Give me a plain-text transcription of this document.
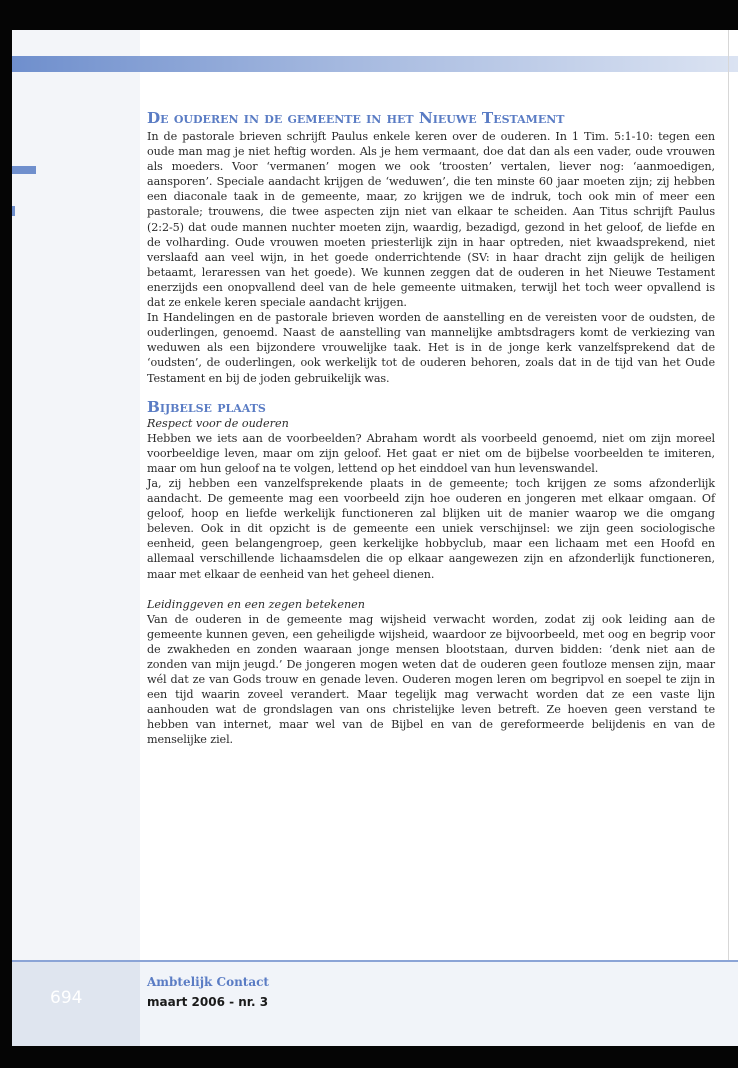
De ouderen in de gemeente in het Nieuwe Testament

In de pastorale brieven schrijft Paulus enkele keren over de ouderen. In 1 Tim. 5:1-10: tegen een oude man mag je niet heftig worden. Als je hem vermaant, doe dat dan als een vader, oude vrouwen als moeders. Voor ‘vermanen’ mogen we ook ‘troosten’ vertalen, liever nog: ‘aanmoedigen, aansporen’. Speciale aandacht krijgen de ‘weduwen’, die ten minste 60 jaar moeten zijn; zij hebben een diaconale taak in de gemeente, maar, zo krijgen we de indruk, toch ook min of meer een pastorale; trouwens, die twee aspecten zijn niet van elkaar te scheiden. Aan Titus schrijft Paulus (2:2-5) dat oude mannen nuchter moeten zijn, waardig, bezadigd, gezond in het geloof, de liefde en de volharding. Oude vrouwen moeten priesterlijk zijn in haar optreden, niet kwaadsprekend, niet verslaafd aan veel wijn, in het goede onderrichtende (SV: in haar dracht zijn gelijk de heiligen betaamt, leraressen van het goede). We kunnen zeggen dat de ouderen in het Nieuwe Testament enerzijds een onopvallend deel van de hele gemeente uitmaken, terwijl het toch weer opvallend is dat ze enkele keren speciale aandacht krijgen.

In Handelingen en de pastorale brieven worden de aanstelling en de vereisten voor de oudsten, de ouderlingen, genoemd. Naast de aanstelling van mannelijke ambtsdragers komt de verkiezing van weduwen als een bijzondere vrouwelijke taak. Het is in de jonge kerk vanzelfsprekend dat de ‘oudsten’, de ouderlingen, ook werkelijk tot de ouderen behoren, zoals dat in de tijd van het Oude Testament en bij de joden gebruikelijk was.

Bijbelse plaats
Respect voor de ouderen

Hebben we iets aan de voorbeelden? Abraham wordt als voorbeeld genoemd, niet om zijn moreel voorbeeldige leven, maar om zijn geloof. Het gaat er niet om de bijbelse voorbeelden te imiteren, maar om hun geloof na te volgen, lettend op het einddoel van hun levenswandel.

Ja, zij hebben een vanzelfsprekende plaats in de gemeente; toch krijgen ze soms afzonderlijk aandacht. De gemeente mag een voorbeeld zijn hoe ouderen en jongeren met elkaar omgaan. Of geloof, hoop en liefde werkelijk functioneren zal blijken uit de manier waarop we die omgang beleven. Ook in dit opzicht is de gemeente een uniek verschijnsel: we zijn geen sociologische eenheid, geen belangengroep, geen kerkelijke hobbyclub, maar een lichaam met een Hoofd en allemaal verschillende lichaamsdelen die op elkaar aangewezen zijn en afzonderlijk functioneren, maar met elkaar de eenheid van het geheel dienen.

Leidinggeven en een zegen betekenen

Van de ouderen in de gemeente mag wijsheid verwacht worden, zodat zij ook leiding aan de gemeente kunnen geven, een geheiligde wijsheid, waardoor ze bijvoorbeeld, met oog en begrip voor de zwakheden en zonden waaraan jonge mensen blootstaan, durven bidden: ‘denk niet aan de zonden van mijn jeugd.’ De jongeren mogen weten dat de ouderen geen foutloze mensen zijn, maar wél dat ze van Gods trouw en genade leven. Ouderen mogen leren om begripvol en soepel te zijn in een tijd waarin zoveel verandert. Maar tegelijk mag verwacht worden dat ze een vaste lijn aanhouden wat de grondslagen van ons christelijke leven betreft. Ze hoeven geen verstand te hebben van internet, maar wel van de Bijbel en van de gereformeerde belijdenis en van de menselijke ziel.

694
Ambtelijk Contact
maart 2006 - nr. 3
